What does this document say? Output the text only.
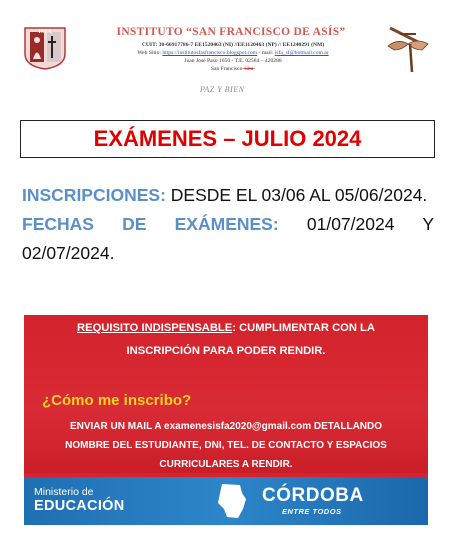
ISFA	INSTITUTO “SAN FRANCISCO DE ASÍS”
CUIT: 30-66917786-7 EE1520463 (NI) //EE1120463 (NP) // EE1240291 (NM)
Web Sitio: https://institutosfasfrancisco.blogspot.com - mail: isfa_sf@hotmail.com.ar
Juan José Paso 1650 - T.E. 02584 – 420288
San Francisco-Cba-
PAZ Y BIEN
EXÁMENES – JULIO 2024

INSCRIPCIONES: DESDE EL 03/06 AL 05/06/2024.

FECHAS DE EXÁMENES: 01/07/2024 Y 02/07/2024.

REQUISITO INDISPENSABLE: CUMPLIMENTAR CON LA
INSCRIPCIÓN PARA PODER RENDIR.
¿Cómo me inscribo?
ENVIAR UN MAIL A examenesisfa2020@gmail.com DETALLANDO
NOMBRE DEL ESTUDIANTE, DNI, TEL. DE CONTACTO Y ESPACIOS
CURRICULARES A RENDIR.
Ministerio de
EDUCACIÓN	CÓRDOBA
ENTRE TODOS
